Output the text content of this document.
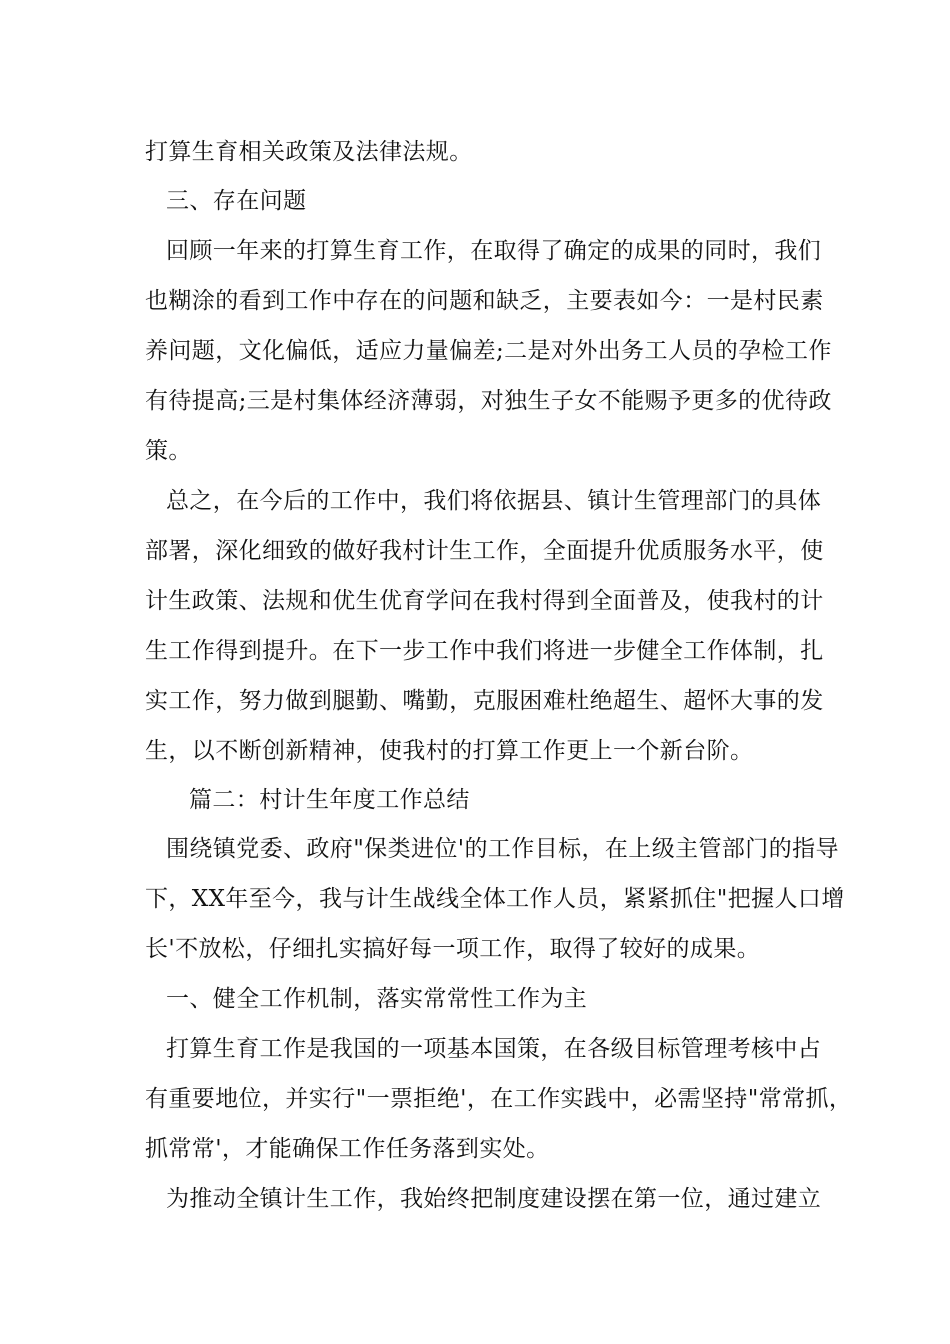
打算生育相关政策及法律法规。
三、存在问题
回顾一年来的打算生育工作，在取得了确定的成果的同时，我们
也糊涂的看到工作中存在的问题和缺乏，主要表如今：一是村民素
养问题，文化偏低，适应力量偏差;二是对外出务工人员的孕检工作
有待提高;三是村集体经济薄弱，对独生子女不能赐予更多的优待政
策。
总之，在今后的工作中，我们将依据县、镇计生管理部门的具体
部署，深化细致的做好我村计生工作，全面提升优质服务水平，使
计生政策、法规和优生优育学问在我村得到全面普及，使我村的计
生工作得到提升。在下一步工作中我们将进一步健全工作体制，扎
实工作，努力做到腿勤、嘴勤，克服困难杜绝超生、超怀大事的发
生，以不断创新精神，使我村的打算工作更上一个新台阶。
篇二：村计生年度工作总结
围绕镇党委、政府"保类进位'的工作目标，在上级主管部门的指导
下，XX年至今，我与计生战线全体工作人员，紧紧抓住"把握人口增
长'不放松，仔细扎实搞好每一项工作，取得了较好的成果。
一、健全工作机制，落实常常性工作为主
打算生育工作是我国的一项基本国策，在各级目标管理考核中占
有重要地位，并实行"一票拒绝'，在工作实践中，必需坚持"常常抓，
抓常常'，才能确保工作任务落到实处。
为推动全镇计生工作，我始终把制度建设摆在第一位，通过建立
